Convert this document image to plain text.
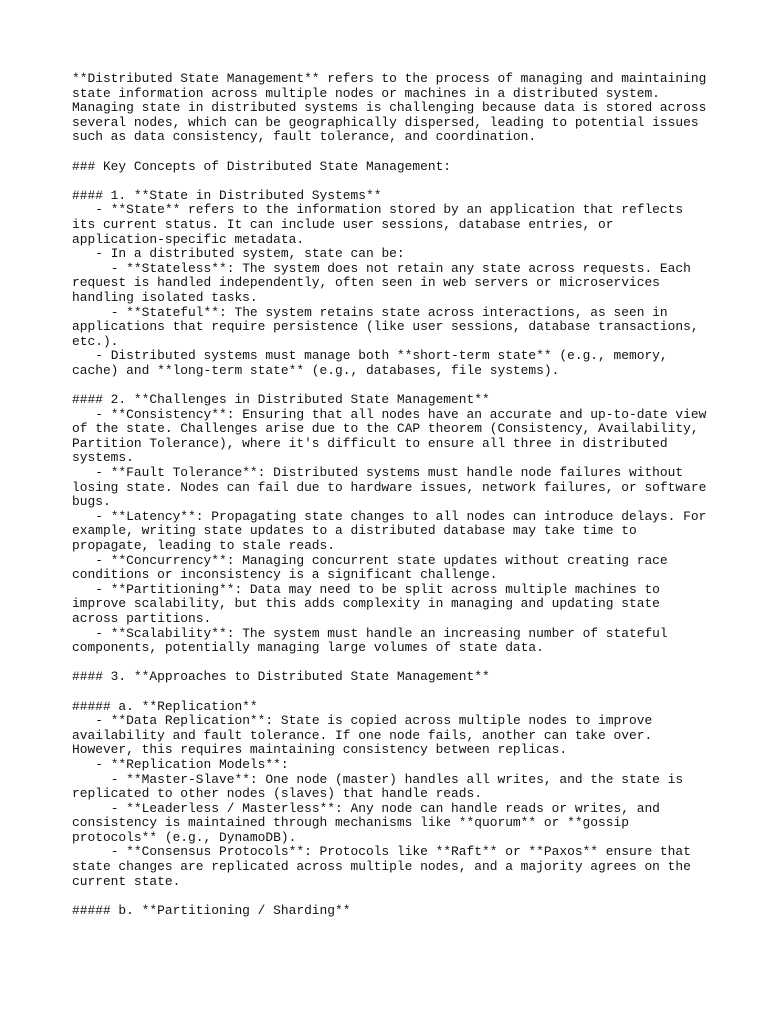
**Distributed State Management** refers to the process of managing and maintaining state information across multiple nodes or machines in a distributed system. Managing state in distributed systems is challenging because data is stored across several nodes, which can be geographically dispersed, leading to potential issues such as data consistency, fault tolerance, and coordination.
### Key Concepts of Distributed State Management:
#### 1. **State in Distributed Systems**
- **State** refers to the information stored by an application that reflects its current status. It can include user sessions, database entries, or application-specific metadata.
- In a distributed system, state can be:
- **Stateless**: The system does not retain any state across requests. Each request is handled independently, often seen in web servers or microservices handling isolated tasks.
- **Stateful**: The system retains state across interactions, as seen in applications that require persistence (like user sessions, database transactions, etc.).
- Distributed systems must manage both **short-term state** (e.g., memory, cache) and **long-term state** (e.g., databases, file systems).
#### 2. **Challenges in Distributed State Management**
- **Consistency**: Ensuring that all nodes have an accurate and up-to-date view of the state. Challenges arise due to the CAP theorem (Consistency, Availability, Partition Tolerance), where it's difficult to ensure all three in distributed systems.
- **Fault Tolerance**: Distributed systems must handle node failures without losing state. Nodes can fail due to hardware issues, network failures, or software bugs.
- **Latency**: Propagating state changes to all nodes can introduce delays. For example, writing state updates to a distributed database may take time to propagate, leading to stale reads.
- **Concurrency**: Managing concurrent state updates without creating race conditions or inconsistency is a significant challenge.
- **Partitioning**: Data may need to be split across multiple machines to improve scalability, but this adds complexity in managing and updating state across partitions.
- **Scalability**: The system must handle an increasing number of stateful components, potentially managing large volumes of state data.
#### 3. **Approaches to Distributed State Management**
##### a. **Replication**
- **Data Replication**: State is copied across multiple nodes to improve availability and fault tolerance. If one node fails, another can take over. However, this requires maintaining consistency between replicas.
- **Replication Models**:
- **Master-Slave**: One node (master) handles all writes, and the state is replicated to other nodes (slaves) that handle reads.
- **Leaderless / Masterless**: Any node can handle reads or writes, and consistency is maintained through mechanisms like **quorum** or **gossip protocols** (e.g., DynamoDB).
- **Consensus Protocols**: Protocols like **Raft** or **Paxos** ensure that state changes are replicated across multiple nodes, and a majority agrees on the current state.
##### b. **Partitioning / Sharding**
